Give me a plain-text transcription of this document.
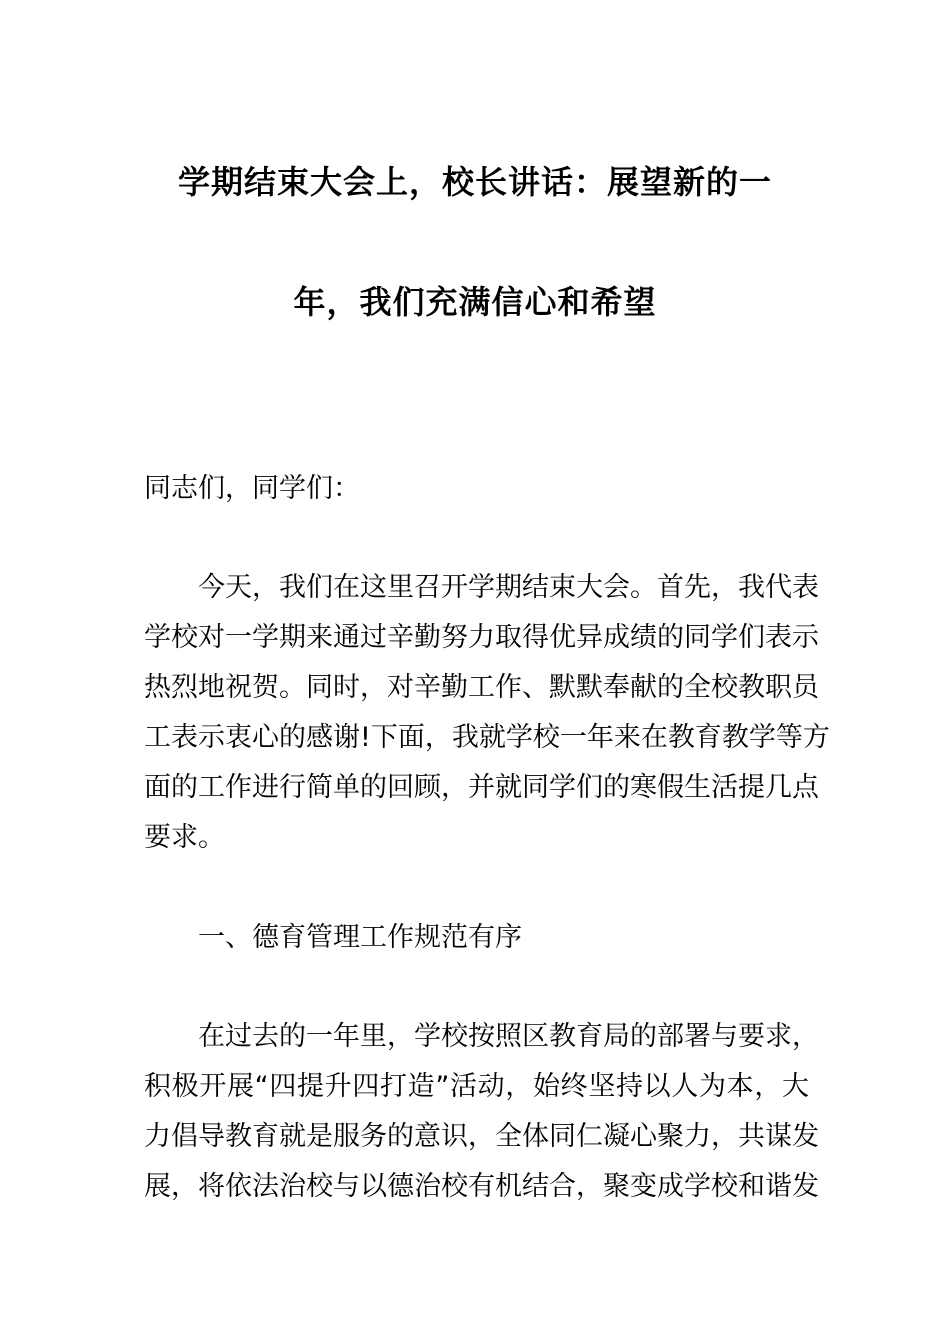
学期结束大会上，校长讲话：展望新的一
年，我们充满信心和希望
同志们，同学们：
今天，我们在这里召开学期结束大会。首先，我代表
学校对一学期来通过辛勤努力取得优异成绩的同学们表示
热烈地祝贺。同时，对辛勤工作、默默奉献的全校教职员
工表示衷心的感谢!下面，我就学校一年来在教育教学等方
面的工作进行简单的回顾，并就同学们的寒假生活提几点
要求。
一、德育管理工作规范有序
在过去的一年里，学校按照区教育局的部署与要求，
积极开展“四提升四打造”活动，始终坚持以人为本，大
力倡导教育就是服务的意识，全体同仁凝心聚力，共谋发
展，将依法治校与以德治校有机结合，聚变成学校和谐发
